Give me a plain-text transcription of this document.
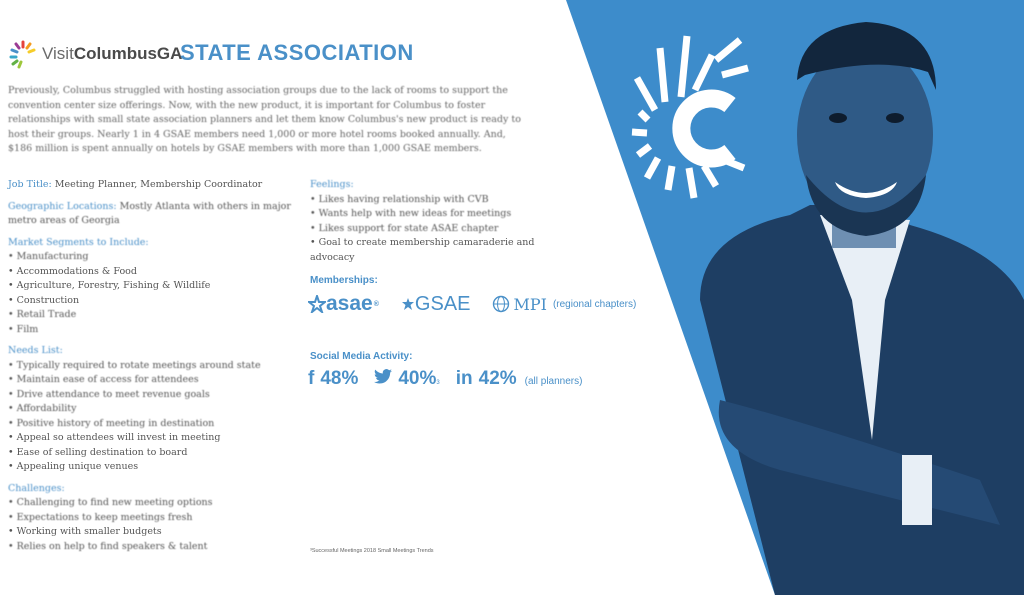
VisitColumbusGA
STATE ASSOCIATION
Previously, Columbus struggled with hosting association groups due to the lack of rooms to support the convention center size offerings. Now, with the new product, it is important for Columbus to foster relationships with small state association planners and let them know Columbus's new product is ready to host their groups. Nearly 1 in 4 GSAE members need 1,000 or more hotel rooms booked annually. And, $186 million is spent annually on hotels by GSAE members with more than 1,000 GSAE members.
Job Title: Meeting Planner, Membership Coordinator
Geographic Locations: Mostly Atlanta with others in major metro areas of Georgia
Market Segments to Include:
• Manufacturing
• Accommodations & Food
• Agriculture, Forestry, Fishing & Wildlife
• Construction
• Retail Trade
• Film
Needs List:
• Typically required to rotate meetings around state
• Maintain ease of access for attendees
• Drive attendance to meet revenue goals
• Affordability
• Positive history of meeting in destination
• Appeal so attendees will invest in meeting
• Ease of selling destination to board
• Appealing unique venues
Challenges:
• Challenging to find new meeting options
• Expectations to keep meetings fresh
• Working with smaller budgets
• Relies on help to find speakers & talent
Feelings:
• Likes having relationship with CVB
• Wants help with new ideas for meetings
• Likes support for state ASAE chapter
• Goal to create membership camaraderie and advocacy
Memberships:
asae ® GSAE	MPI (regional chapters)
Social Media Activity:
f 48% $40\%_3$ in 42% (all planners)
³Successful Meetings 2018 Small Meetings Trends
